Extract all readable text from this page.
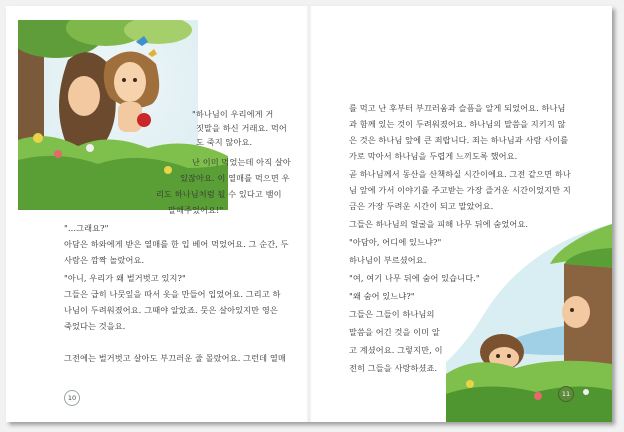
"하나님이 우리에게 거
짓말을 하신 거래요. 먹어
도 죽지 않아요.
난 이미 먹었는데 아직 살아
있잖아요. 이 열매를 먹으면 우
리도 하나님처럼 될 수 있다고 뱀이
말해주었어요!"
"…그래요?"
아담은 하와에게 받은 열매를 한 입 베어 먹었어요. 그 순간, 두
사람은 깜짝 놀랐어요.
"아니, 우리가 왜 벌거벗고 있지?"
그들은 급히 나뭇잎을 따서 옷을 만들어 입었어요. 그리고 하
나님이 두려워졌어요. 그때야 알았죠. 뭇은 살아있지만 영은
죽었다는 것을요.
그전에는 벌거벗고 살아도 부끄러운 줄 몰랐어요. 그런데 열매
10
를 먹고 난 후부터 부끄러움과 슬픔을 알게 되었어요. 하나님
과 함께 있는 것이 두려워졌어요. 하나님의 말씀을 지키지 않
은 것은 하나님 앞에 큰 죄랍니다. 죄는 하나님과 사람 사이를
가로 막아서 하나님을 두렵게 느끼도록 했어요.
곧 하나님께서 동산을 산책하실 시간이에요. 그전 같으면 하나
님 앞에 가서 이야기를 주고받는 가장 즐거운 시간이었지만 지
금은 가장 두려운 시간이 되고 말았어요.
그들은 하나님의 얼굴을 피해 나무 뒤에 숨었어요.
"아담아, 어디에 있느냐?"
하나님이 부르셨어요.
"여, 여기 나무 뒤에 숨어 있습니다."
"왜 숨어 있느냐?"
그들은 그들이 하나님의
말씀을 어긴 것을 이미 알
고 계셨어요. 그렇지만, 이
전히 그들을 사랑하셨죠.
11
